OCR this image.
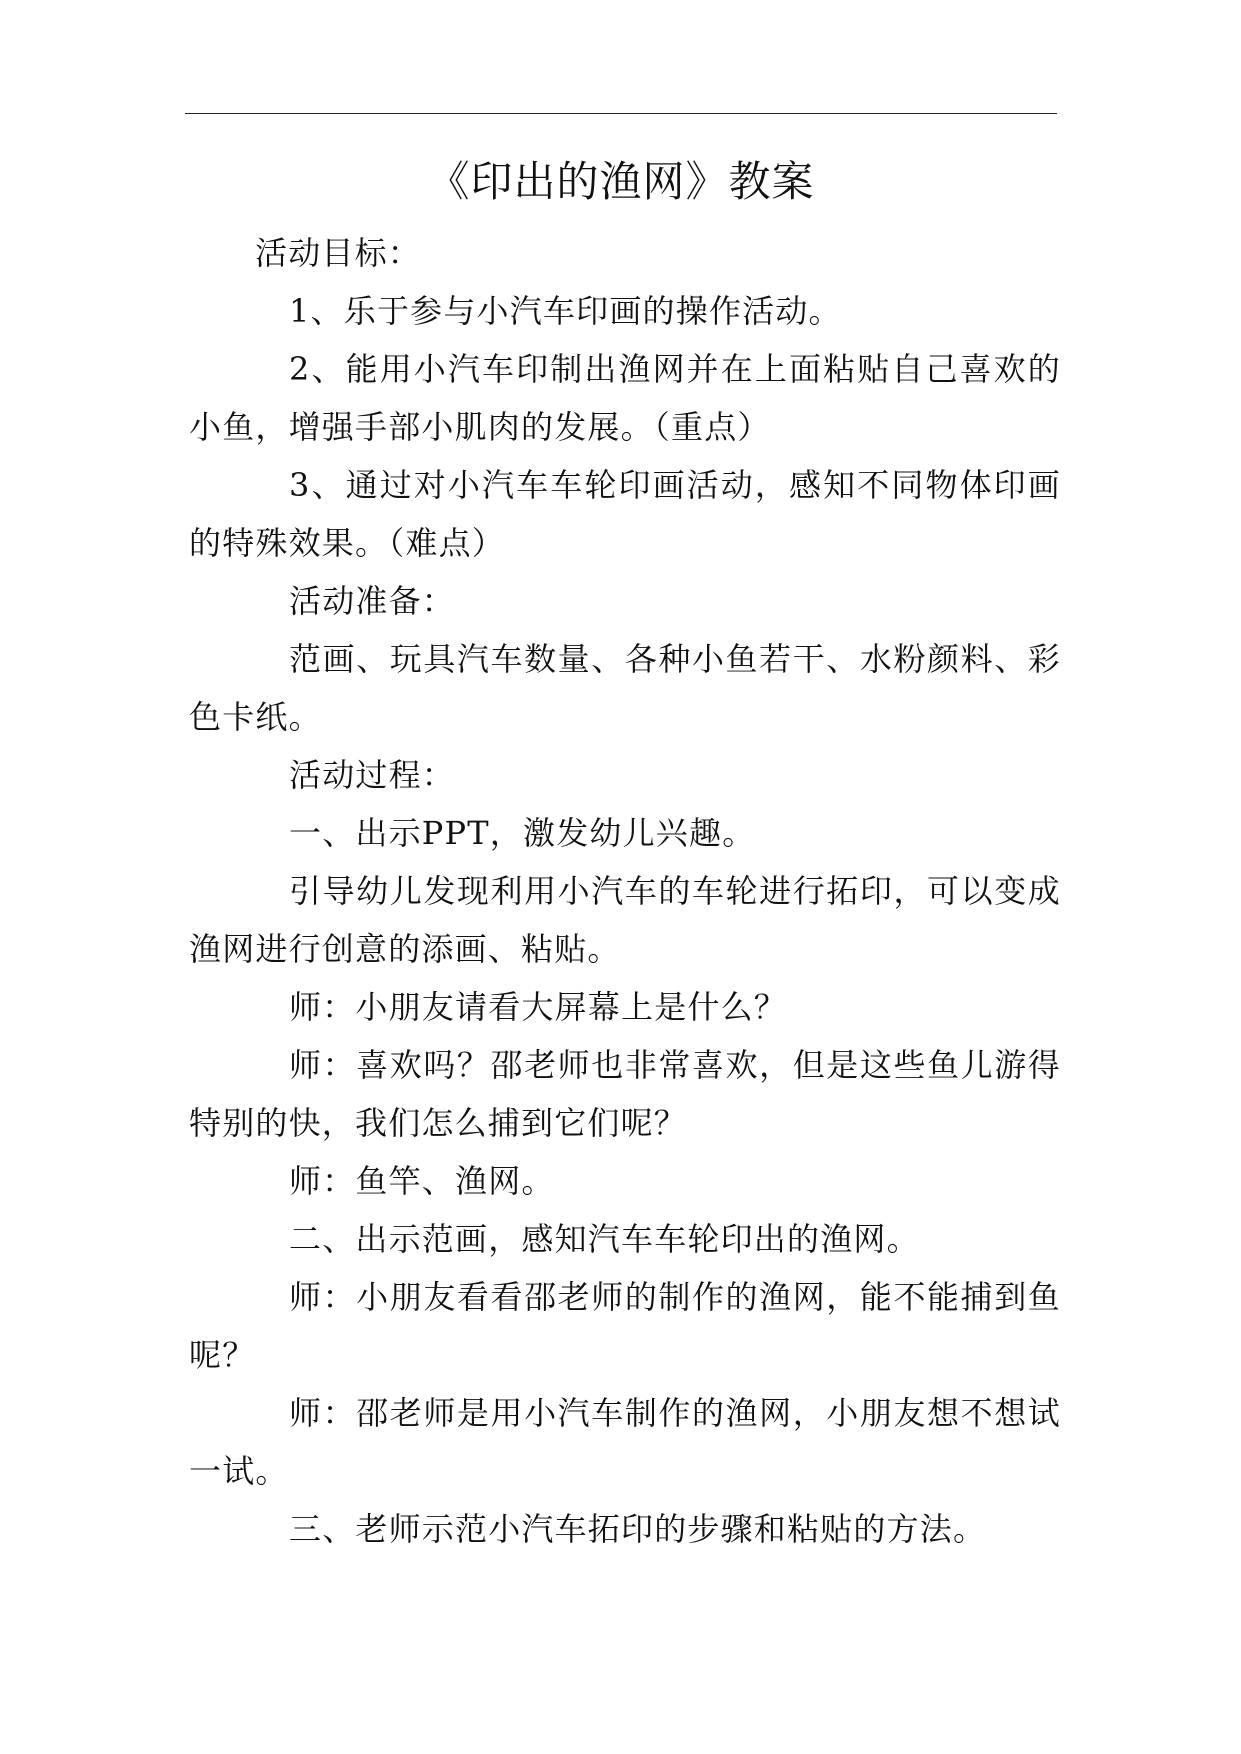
《印出的渔网》教案

活动目标：

1、乐于参与小汽车印画的操作活动。

2、能用小汽车印制出渔网并在上面粘贴自己喜欢的小鱼，增强手部小肌肉的发展。（重点）

3、通过对小汽车车轮印画活动，感知不同物体印画的特殊效果。（难点）

活动准备：

范画、玩具汽车数量、各种小鱼若干、水粉颜料、彩色卡纸。

活动过程：

一、出示PPT，激发幼儿兴趣。

引导幼儿发现利用小汽车的车轮进行拓印，可以变成渔网进行创意的添画、粘贴。

师：小朋友请看大屏幕上是什么？

师：喜欢吗？邵老师也非常喜欢，但是这些鱼儿游得特别的快，我们怎么捕到它们呢？

师：鱼竿、渔网。

二、出示范画，感知汽车车轮印出的渔网。

师：小朋友看看邵老师的制作的渔网，能不能捕到鱼呢？

师：邵老师是用小汽车制作的渔网，小朋友想不想试一试。

三、老师示范小汽车拓印的步骤和粘贴的方法。
